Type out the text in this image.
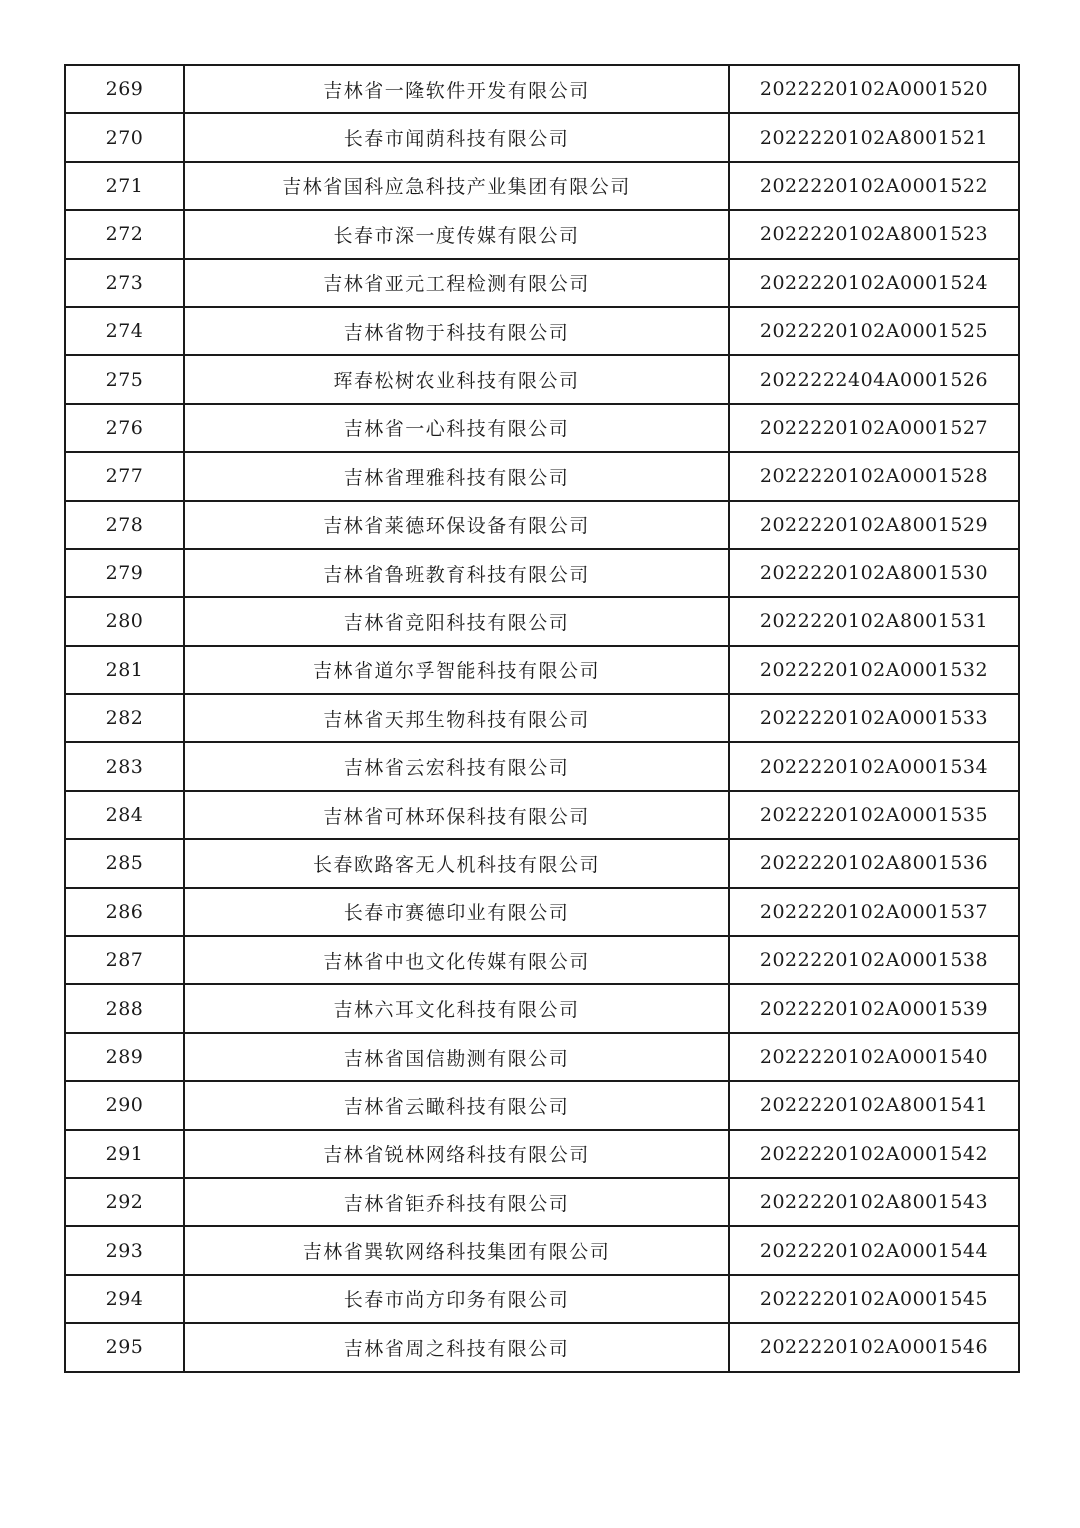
269	吉林省一隆软件开发有限公司	2022220102A0001520
270	长春市闻荫科技有限公司	2022220102A8001521
271	吉林省国科应急科技产业集团有限公司	2022220102A0001522
272	长春市深一度传媒有限公司	2022220102A8001523
273	吉林省亚元工程检测有限公司	2022220102A0001524
274	吉林省物于科技有限公司	2022220102A0001525
275	珲春松树农业科技有限公司	2022222404A0001526
276	吉林省一心科技有限公司	2022220102A0001527
277	吉林省理雅科技有限公司	2022220102A0001528
278	吉林省莱德环保设备有限公司	2022220102A8001529
279	吉林省鲁班教育科技有限公司	2022220102A8001530
280	吉林省竞阳科技有限公司	2022220102A8001531
281	吉林省道尔孚智能科技有限公司	2022220102A0001532
282	吉林省天邦生物科技有限公司	2022220102A0001533
283	吉林省云宏科技有限公司	2022220102A0001534
284	吉林省可林环保科技有限公司	2022220102A0001535
285	长春欧路客无人机科技有限公司	2022220102A8001536
286	长春市赛德印业有限公司	2022220102A0001537
287	吉林省中也文化传媒有限公司	2022220102A0001538
288	吉林六耳文化科技有限公司	2022220102A0001539
289	吉林省国信勘测有限公司	2022220102A0001540
290	吉林省云瞰科技有限公司	2022220102A8001541
291	吉林省锐林网络科技有限公司	2022220102A0001542
292	吉林省钜乔科技有限公司	2022220102A8001543
293	吉林省巽软网络科技集团有限公司	2022220102A0001544
294	长春市尚方印务有限公司	2022220102A0001545
295	吉林省周之科技有限公司	2022220102A0001546
